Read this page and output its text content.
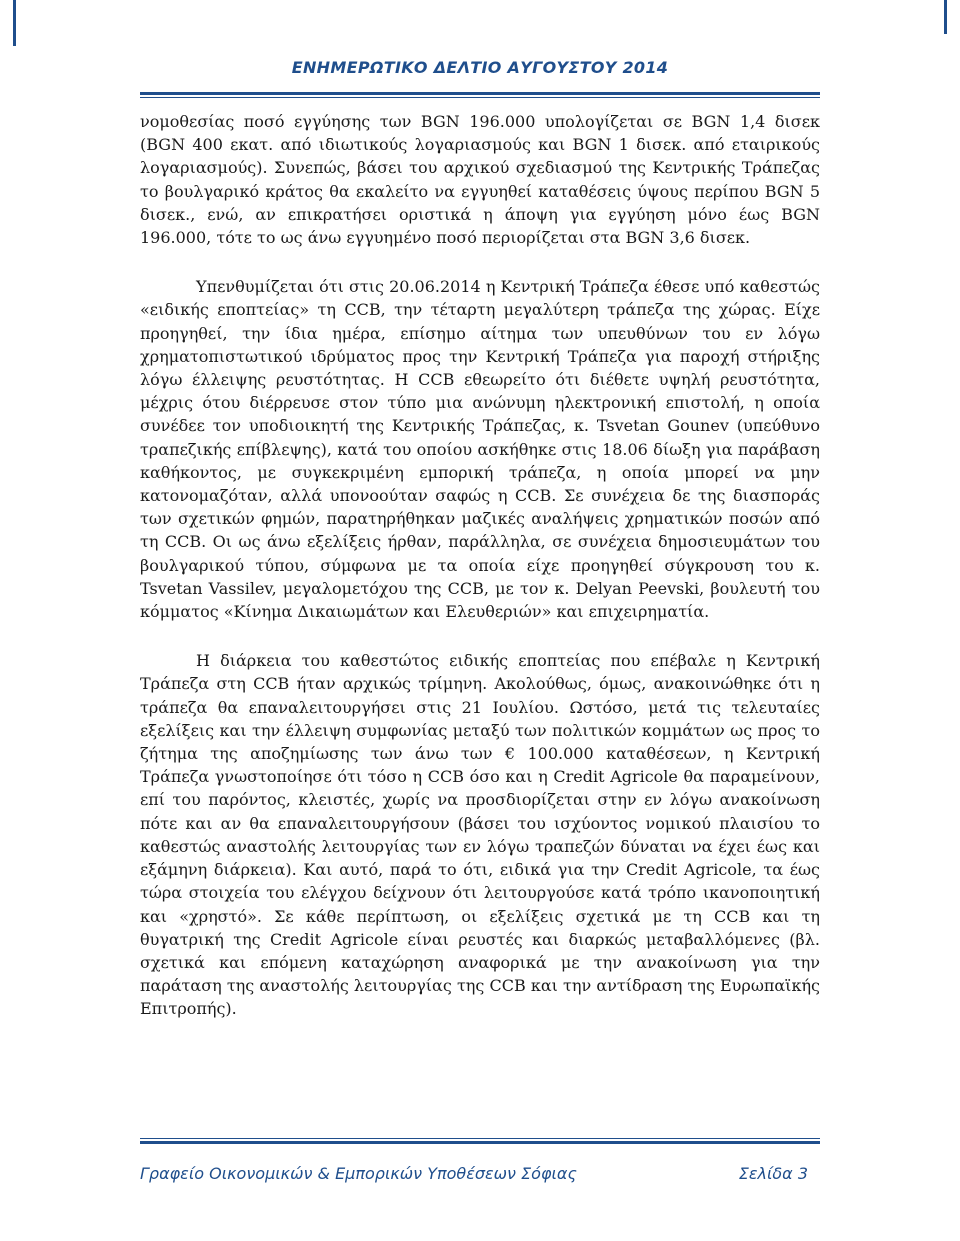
ΕΝΗΜΕΡΩΤΙΚΟ ΔΕΛΤΙΟ ΑΥΓΟΥΣΤΟΥ 2014

νομοθεσίας ποσό εγγύησης των BGN 196.000 υπολογίζεται σε BGN 1,4 δισεκ (BGN 400 εκατ. από ιδιωτικούς λογαριασμούς και BGN 1 δισεκ. από εταιρικούς λογαριασμούς). Συνεπώς, βάσει του αρχικού σχεδιασμού της Κεντρικής Τράπεζας το βουλγαρικό κράτος θα εκαλείτο να εγγυηθεί καταθέσεις ύψους περίπου BGN 5 δισεκ., ενώ, αν επικρατήσει οριστικά η άποψη για εγγύηση μόνο έως BGN 196.000, τότε το ως άνω εγγυημένο ποσό περιορίζεται στα BGN 3,6 δισεκ.

Υπενθυμίζεται ότι στις 20.06.2014 η Κεντρική Τράπεζα έθεσε υπό καθεστώς «ειδικής εποπτείας» τη CCB, την τέταρτη μεγαλύτερη τράπεζα της χώρας. Είχε προηγηθεί, την ίδια ημέρα, επίσημο αίτημα των υπευθύνων του εν λόγω χρηματοπιστωτικού ιδρύματος προς την Κεντρική Τράπεζα για παροχή στήριξης λόγω έλλειψης ρευστότητας. Η CCB εθεωρείτο ότι διέθετε υψηλή ρευστότητα, μέχρις ότου διέρρευσε στον τύπο μια ανώνυμη ηλεκτρονική επιστολή, η οποία συνέδεε τον υποδιοικητή της Κεντρικής Τράπεζας, κ. Tsvetan Gounev (υπεύθυνο τραπεζικής επίβλεψης), κατά του οποίου ασκήθηκε στις 18.06 δίωξη για παράβαση καθήκοντος, με συγκεκριμένη εμπορική τράπεζα, η οποία μπορεί να μην κατονομαζόταν, αλλά υπονοούταν σαφώς η CCB. Σε συνέχεια δε της διασποράς των σχετικών φημών, παρατηρήθηκαν μαζικές αναλήψεις χρηματικών ποσών από τη CCB. Οι ως άνω εξελίξεις ήρθαν, παράλληλα, σε συνέχεια δημοσιευμάτων του βουλγαρικού τύπου, σύμφωνα με τα οποία είχε προηγηθεί σύγκρουση του κ. Tsvetan Vassilev, μεγαλομετόχου της CCB, με τον κ. Delyan Peevski, βουλευτή του κόμματος «Κίνημα Δικαιωμάτων και Ελευθεριών» και επιχειρηματία.

Η διάρκεια του καθεστώτος ειδικής εποπτείας που επέβαλε η Κεντρική Τράπεζα στη CCB ήταν αρχικώς τρίμηνη. Ακολούθως, όμως, ανακοινώθηκε ότι η τράπεζα θα επαναλειτουργήσει στις 21 Ιουλίου. Ωστόσο, μετά τις τελευταίες εξελίξεις και την έλλειψη συμφωνίας μεταξύ των πολιτικών κομμάτων ως προς το ζήτημα της αποζημίωσης των άνω των € 100.000 καταθέσεων, η Κεντρική Τράπεζα γνωστοποίησε ότι τόσο η CCB όσο και η Credit Agricole θα παραμείνουν, επί του παρόντος, κλειστές, χωρίς να προσδιορίζεται στην εν λόγω ανακοίνωση πότε και αν θα επαναλειτουργήσουν (βάσει του ισχύοντος νομικού πλαισίου το καθεστώς αναστολής λειτουργίας των εν λόγω τραπεζών δύναται να έχει έως και εξάμηνη διάρκεια). Και αυτό, παρά το ότι, ειδικά για την Credit Agricole, τα έως τώρα στοιχεία του ελέγχου δείχνουν ότι λειτουργούσε κατά τρόπο ικανοποιητική και «χρηστό». Σε κάθε περίπτωση, οι εξελίξεις σχετικά με τη CCB και τη θυγατρική της Credit Agricole είναι ρευστές και διαρκώς μεταβαλλόμενες (βλ. σχετικά και επόμενη καταχώρηση αναφορικά με την ανακοίνωση για την παράταση της αναστολής λειτουργίας της CCB και την αντίδραση της Ευρωπαϊκής Επιτροπής).

Γραφείο Οικονομικών & Εμπορικών Υποθέσεων Σόφιας	Σελίδα 3
